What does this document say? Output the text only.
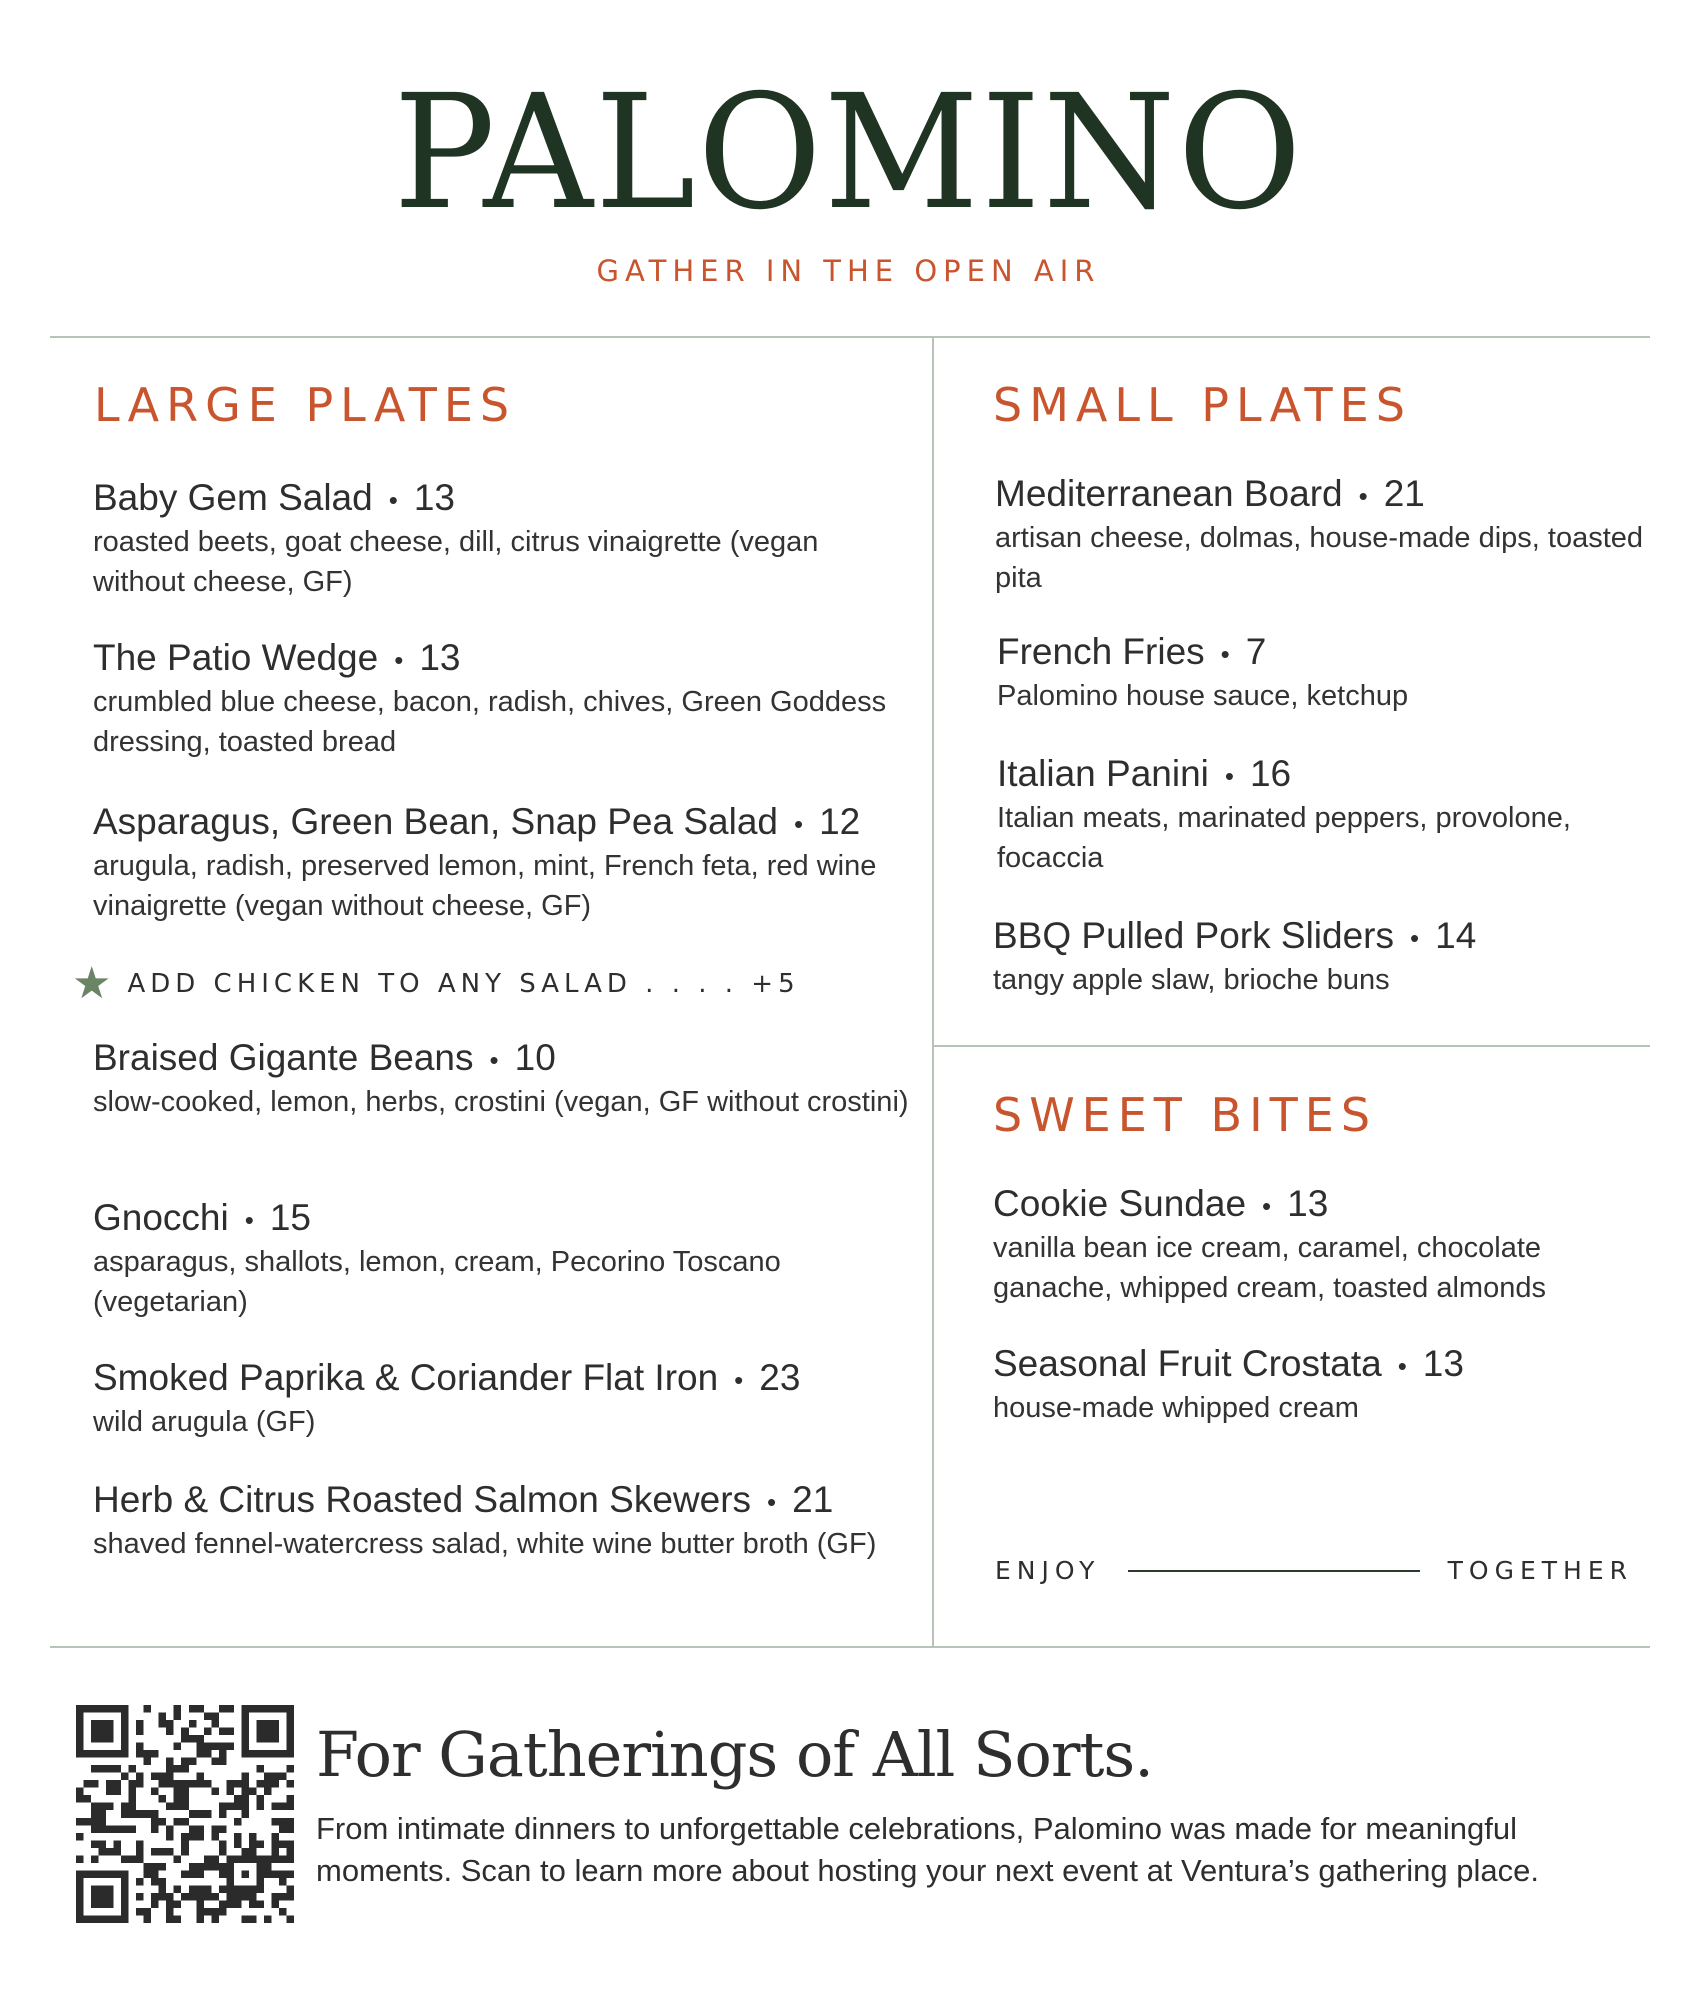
PALOMINO

GATHER IN THE OPEN AIR

LARGE PLATES
Baby Gem Salad • 13
roasted beets, goat cheese, dill, citrus vinaigrette (vegan without cheese, GF)
The Patio Wedge • 13
crumbled blue cheese, bacon, radish, chives, Green Goddess dressing, toasted bread
Asparagus, Green Bean, Snap Pea Salad • 12
arugula, radish, preserved lemon, mint, French feta, red wine vinaigrette (vegan without cheese, GF)
★ ADD CHICKEN TO ANY SALAD . . . . +5
Braised Gigante Beans • 10
slow-cooked, lemon, herbs, crostini (vegan, GF without crostini)
Gnocchi • 15
asparagus, shallots, lemon, cream, Pecorino Toscano (vegetarian)
Smoked Paprika & Coriander Flat Iron • 23
wild arugula (GF)
Herb & Citrus Roasted Salmon Skewers • 21
shaved fennel-watercress salad, white wine butter broth (GF)
SMALL PLATES
Mediterranean Board • 21
artisan cheese, dolmas, house-made dips, toasted pita
French Fries • 7
Palomino house sauce, ketchup
Italian Panini • 16
Italian meats, marinated peppers, provolone, focaccia
BBQ Pulled Pork Sliders • 14
tangy apple slaw, brioche buns
SWEET BITES
Cookie Sundae • 13
vanilla bean ice cream, caramel, chocolate ganache, whipped cream, toasted almonds
Seasonal Fruit Crostata • 13
house-made whipped cream
ENJOY	TOGETHER
For Gatherings of All Sorts.

From intimate dinners to unforgettable celebrations, Palomino was made for meaningful moments. Scan to learn more about hosting your next event at Ventura’s gathering place.
